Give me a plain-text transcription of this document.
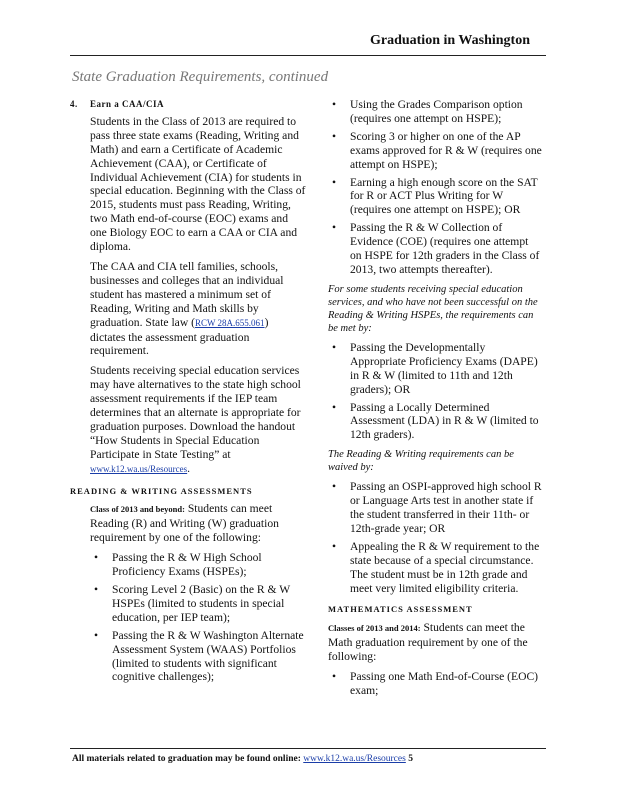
Graduation in Washington
State Graduation Requirements, continued
4. Earn a CAA/CIA

Students in the Class of 2013 are required to pass three state exams (Reading, Writing and Math) and earn a Certificate of Academic Achievement (CAA), or Certificate of Individual Achievement (CIA) for students in special education. Beginning with the Class of 2015, students must pass Reading, Writing, two Math end-of-course (EOC) exams and one Biology EOC to earn a CAA or CIA and diploma.

The CAA and CIA tell families, schools, businesses and colleges that an individual student has mastered a minimum set of Reading, Writing and Math skills by graduation. State law (RCW 28A.655.061) dictates the assessment graduation requirement.

Students receiving special education services may have alternatives to the state high school assessment requirements if the IEP team determines that an alternate is appropriate for graduation purposes. Download the handout “How Students in Special Education Participate in State Testing” at www.k12.wa.us/Resources.

READING & WRITING ASSESSMENTS

Class of 2013 and beyond: Students can meet Reading (R) and Writing (W) graduation requirement by one of the following:

• Passing the R & W High School Proficiency Exams (HSPEs);
• Scoring Level 2 (Basic) on the R & W HSPEs (limited to students in special education, per IEP team);
• Passing the R & W Washington Alternate Assessment System (WAAS) Portfolios (limited to students with significant cognitive challenges);
• Using the Grades Comparison option (requires one attempt on HSPE);
• Scoring 3 or higher on one of the AP exams approved for R & W (requires one attempt on HSPE);
• Earning a high enough score on the SAT for R or ACT Plus Writing for W (requires one attempt on HSPE); OR
• Passing the R & W Collection of Evidence (COE) (requires one attempt on HSPE for 12th graders in the Class of 2013, two attempts thereafter).

For some students receiving special education services, and who have not been successful on the Reading & Writing HSPEs, the requirements can be met by:

• Passing the Developmentally Appropriate Proficiency Exams (DAPE) in R & W (limited to 11th and 12th graders); OR
• Passing a Locally Determined Assessment (LDA) in R & W (limited to 12th graders).

The Reading & Writing requirements can be waived by:

• Passing an OSPI-approved high school R or Language Arts test in another state if the student transferred in their 11th- or 12th-grade year; OR
• Appealing the R & W requirement to the state because of a special circumstance. The student must be in 12th grade and meet very limited eligibility criteria.
MATHEMATICS ASSESSMENT

Classes of 2013 and 2014: Students can meet the Math graduation requirement by one of the following:

• Passing one Math End-of-Course (EOC) exam;
All materials related to graduation may be found online: www.k12.wa.us/Resources 5
